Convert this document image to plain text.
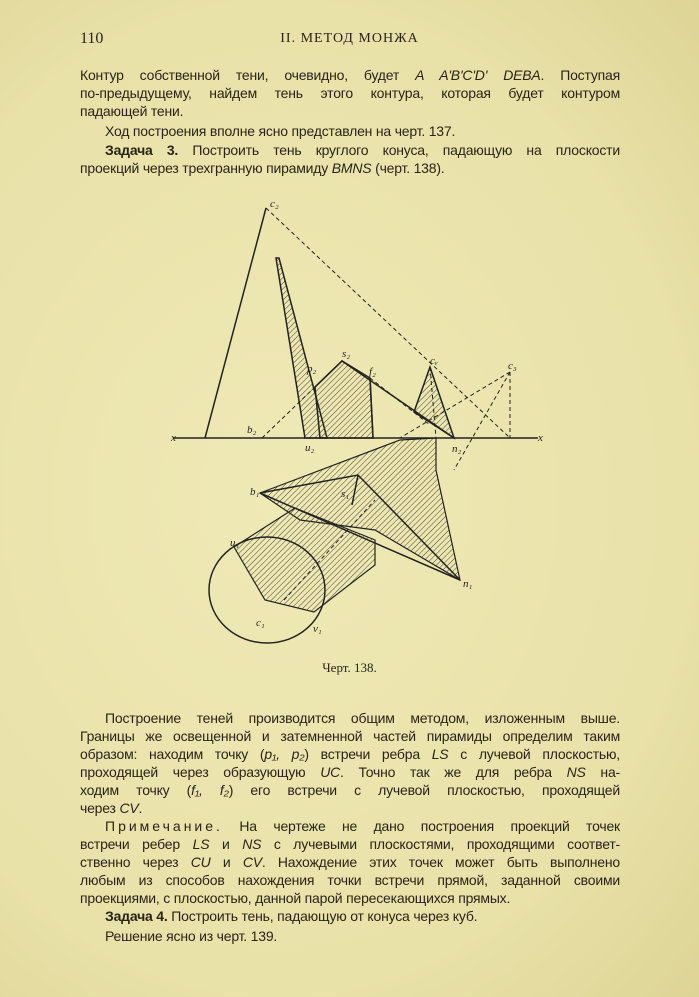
110	II. МЕТОД МОНЖА
Контур собственной тени, очевидно, будет A A'B'C'D' DEBA. Поступая
по-предыдущему, найдем тень этого контура, которая будет контуром
падающей тени.
Ход построения вполне ясно представлен на черт. 137.
Задача 3. Построить тень круглого конуса, падающую на плоскости
проекций через трехгранную пирамиду BMNS (черт. 138).
c₂
s₂
p₂	f₂
cᵥ	c₃
b₂
u₂	n₂
x	x
b₁	s₁
n₁
u₁
c₁	v₁
Черт. 138.
Построение теней производится общим методом, изложенным выше.
Границы же освещенной и затемненной частей пирамиды определим таким
образом: находим точку (p₁, p₂) встречи ребра LS с лучевой плоскостью,
проходящей через образующую UC. Точно так же для ребра NS на-
ходим точку (f₁, f₂) его встречи с лучевой плоскостью, проходящей
через CV.
Примечание. На чертеже не дано построения проекций точек
встречи ребер LS и NS с лучевыми плоскостями, проходящими соответ-
ственно через CU и CV. Нахождение этих точек может быть выполнено
любым из способов нахождения точки встречи прямой, заданной своими
проекциями, с плоскостью, данной парой пересекающихся прямых.
Задача 4. Построить тень, падающую от конуса через куб.
Решение ясно из черт. 139.
